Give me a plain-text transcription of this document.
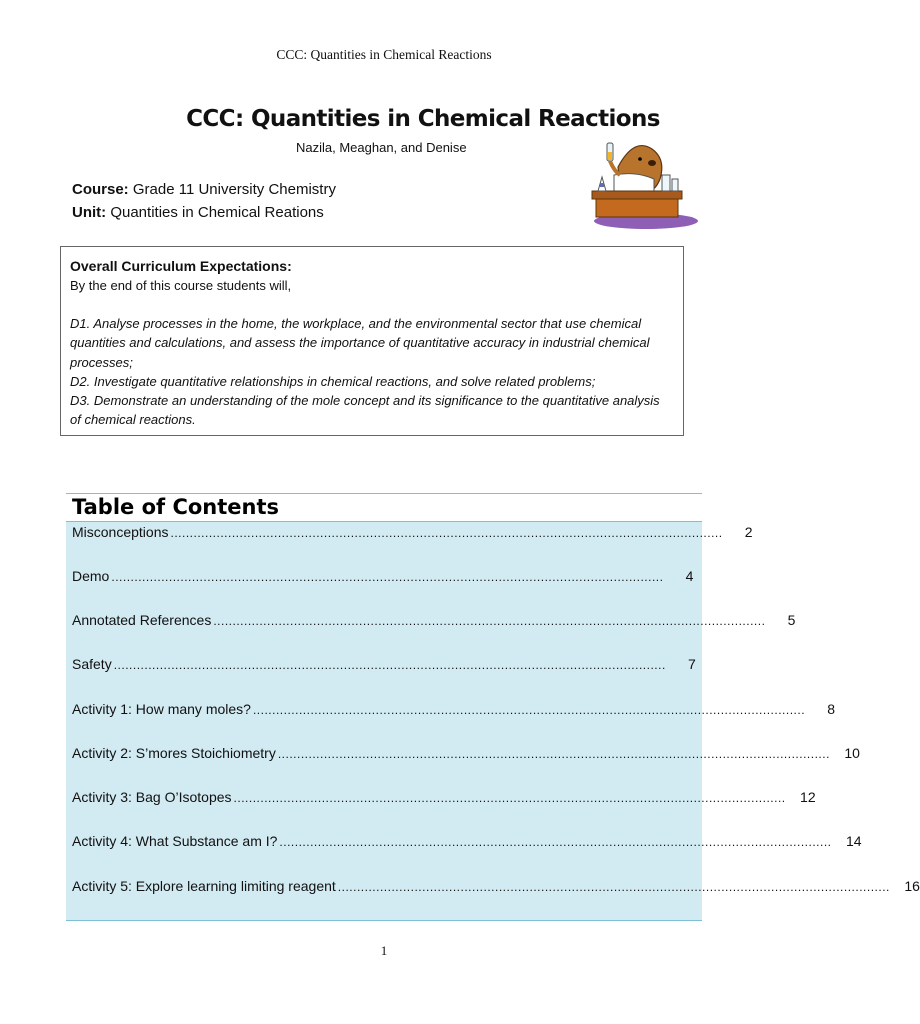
CCC: Quantities in Chemical Reactions
CCC: Quantities in Chemical Reactions
Nazila, Meaghan, and Denise
Course: Grade 11 University Chemistry
Unit: Quantities in Chemical Reations
Overall Curriculum Expectations:
By the end of this course students will,
D1. Analyse processes in the home, the workplace, and the environmental sector that use chemical quantities and calculations, and assess the importance of quantitative accuracy in industrial chemical processes;
D2. Investigate quantitative relationships in chemical reactions, and solve related problems;
D3. Demonstrate an understanding of the mole concept and its significance to the quantitative analysis of chemical reactions.
Table of Contents
Misconceptions ................................................................................................................................................	2
Demo ................................................................................................................................................	4
Annotated References ................................................................................................................................................	5
Safety ................................................................................................................................................	7
Activity 1: How many moles? ................................................................................................................................................	8
Activity 2: S’mores Stoichiometry ................................................................................................................................................	10
Activity 3: Bag O’Isotopes ................................................................................................................................................	12
Activity 4: What Substance am I? ................................................................................................................................................	14
Activity 5: Explore learning limiting reagent ................................................................................................................................................	16
1
